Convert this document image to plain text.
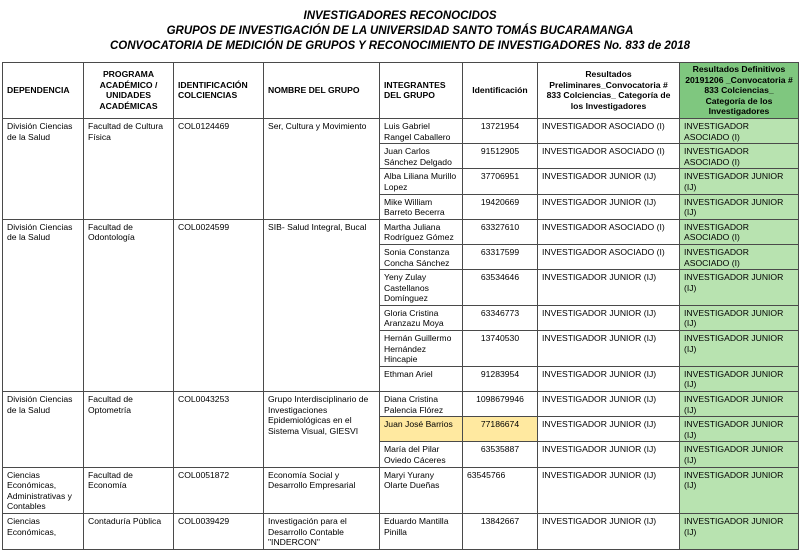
INVESTIGADORES RECONOCIDOS
GRUPOS DE INVESTIGACIÓN DE LA UNIVERSIDAD SANTO TOMÁS BUCARAMANGA
CONVOCATORIA DE MEDICIÓN DE GRUPOS Y RECONOCIMIENTO DE INVESTIGADORES No. 833 de 2018
DEPENDENCIA	PROGRAMA ACADÉMICO / UNIDADES ACADÉMICAS	IDENTIFICACIÓN COLCIENCIAS	NOMBRE DEL GRUPO	INTEGRANTES DEL GRUPO	Identificación	Resultados Preliminares_Convocatoria # 833 Colciencias_ Categoría de los Investigadores	Resultados Definitivos 20191206 _Convocatoria # 833 Colciencias_ Categoría de los Investigadores
División Ciencias de la Salud	Facultad de Cultura Física	COL0124469	Ser, Cultura y Movimiento	Luis Gabriel Rangel Caballero	13721954	INVESTIGADOR ASOCIADO (I)	INVESTIGADOR ASOCIADO (I)
				Juan Carlos Sánchez Delgado	91512905	INVESTIGADOR ASOCIADO (I)	INVESTIGADOR ASOCIADO (I)
				Alba Liliana Murillo Lopez	37706951	INVESTIGADOR JUNIOR (IJ)	INVESTIGADOR JUNIOR (IJ)
				Mike William Barreto Becerra	19420669	INVESTIGADOR JUNIOR (IJ)	INVESTIGADOR JUNIOR (IJ)
División Ciencias de la Salud	Facultad de Odontología	COL0024599	SIB- Salud Integral, Bucal	Martha Juliana Rodríguez Gómez	63327610	INVESTIGADOR ASOCIADO (I)	INVESTIGADOR ASOCIADO (I)
				Sonia Constanza Concha Sánchez	63317599	INVESTIGADOR ASOCIADO (I)	INVESTIGADOR ASOCIADO (I)
				Yeny Zulay Castellanos Domínguez	63534646	INVESTIGADOR JUNIOR (IJ)	INVESTIGADOR JUNIOR (IJ)
				Gloria Cristina Aranzazu Moya	63346773	INVESTIGADOR JUNIOR (IJ)	INVESTIGADOR JUNIOR (IJ)
				Hernán Guillermo Hernández Hincapie	13740530	INVESTIGADOR JUNIOR (IJ)	INVESTIGADOR JUNIOR (IJ)
				Ethman Ariel	91283954	INVESTIGADOR JUNIOR (IJ)	INVESTIGADOR JUNIOR (IJ)
División Ciencias de la Salud	Facultad de Optometría	COL0043253	Grupo Interdisciplinario de Investigaciones Epidemiológicas en el Sistema Visual, GIESVI	Diana Cristina Palencia Flórez	1098679946	INVESTIGADOR JUNIOR (IJ)	INVESTIGADOR JUNIOR (IJ)
				Juan José Barrios	77186674	INVESTIGADOR JUNIOR (IJ)	INVESTIGADOR JUNIOR (IJ)
				María del Pilar Oviedo Cáceres	63535887	INVESTIGADOR JUNIOR (IJ)	INVESTIGADOR JUNIOR (IJ)
Ciencias Económicas, Administrativas y Contables	Facultad de Economía	COL0051872	Economía Social y Desarrollo Empresarial	Maryi Yurany Olarte Dueñas	63545766	INVESTIGADOR JUNIOR (IJ)	INVESTIGADOR JUNIOR (IJ)
Ciencias Económicas,	Contaduría Pública	COL0039429	Investigación para el Desarrollo Contable "INDERCON"	Eduardo Mantilla Pinilla	13842667	INVESTIGADOR JUNIOR (IJ)	INVESTIGADOR JUNIOR (IJ)
